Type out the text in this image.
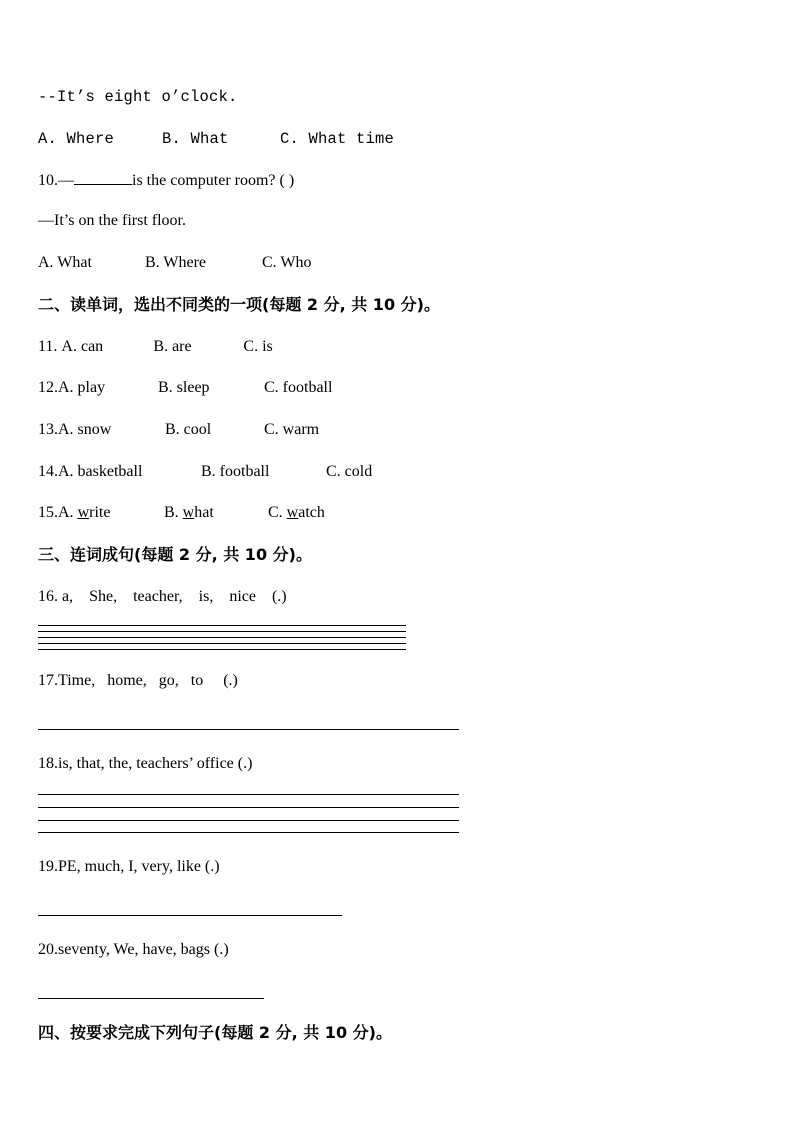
--It’s eight o’clock.
A. Where	B. What	C. What time
10.—	is the computer room? ( )
—It’s on the first floor.
A. What	B. Where	C. Who
二、读单词，选出不同类的一项(每题 2 分, 共 10 分)。
11. A. can	B. are	C. is
12.A. play	B. sleep	C. football
13.A. snow	B. cool	C. warm
14.A. basketball	B. football	C. cold
15.A. write	B. what	C. watch
三、连词成句(每题 2 分, 共 10 分)。
16. a,    She,    teacher,    is,    nice    (.)
17.Time,   home,   go,   to     (.)
18.is, that, the, teachers’ office (.)
19.PE, much, I, very, like (.)
20.seventy, We, have, bags (.)
四、按要求完成下列句子(每题 2 分, 共 10 分)。
